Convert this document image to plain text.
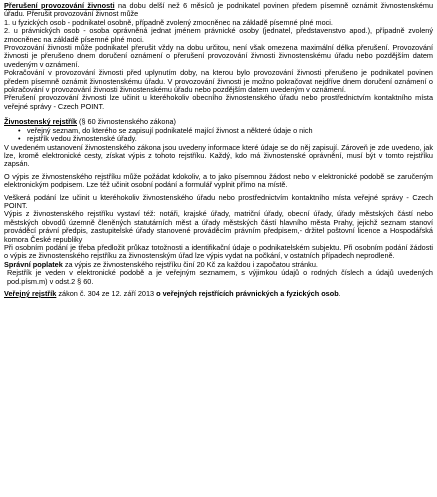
Přerušení provozování živnosti na dobu delší než 6 měsíců je podnikatel povinen předem písemně oznámit živnostenskému úřadu. Přerušit provozování živnost může

1. u fyzických osob - podnikatel osobně, případně zvolený zmocněnec na základě písemné plné moci.

2. u právnických osob - osoba oprávněná jednat jménem právnické osoby (jednatel, představenstvo apod.), případně zvolený zmocněnec na základě písemné plné moci.

Provozování živnosti může podnikatel přerušit vždy na dobu určitou, není však omezena maximální délka přerušení. Provozování živnosti je přerušeno dnem doručení oznámení o přerušení provozování živnosti živnostenskému úřadu nebo pozdějším datem uvedeným v oznámení.

Pokračování v provozování živnosti před uplynutím doby, na kterou bylo provozování živnosti přerušeno je podnikatel povinen předem písemně oznámit živnostenskému úřadu. V provozování živnosti je možno pokračovat nejdříve dnem doručení oznámení o pokračování v provozování živnosti živnostenskému úřadu nebo pozdějším datem uvedeným v oznámení.

Přerušení provozování živnosti lze učinit u kteréhokoliv obecního živnostenského úřadu nebo prostřednictvím kontaktního místa veřejné správy - Czech POINT.

Živnostenský rejstřík (§ 60 živnostenského zákona)

• veřejný seznam, do kterého se zapisují podnikatelé mající živnost a některé údaje o nich
• rejstřík vedou živnostenské úřady.

V uvedeném ustanovení živnostenského zákona jsou uvedeny informace které údaje se do něj zapisují. Zároveň je zde uvedeno, jak lze, kromě elektronické cesty, získat výpis z tohoto rejstříku. Každý, kdo má živnostenské oprávnění, musí být v tomto rejstříku zapsán.

O výpis ze živnostenského rejstříku může požádat kdokoliv, a to jako písemnou žádost nebo v elektronické podobě se zaručeným elektronickým podpisem. Lze též učinit osobní podání a formulář vyplnit přímo na místě.

Veškerá podání lze učinit u kteréhokoliv živnostenského úřadu nebo prostřednictvím kontaktního místa veřejné správy - Czech POINT.

Výpis z živnostenského rejstříku vystaví též: notáři, krajské úřady, matriční úřady, obecní úřady, úřady městských částí nebo městských obvodů územně členěných statutárních měst a úřady městských částí hlavního města Prahy, jejichž seznam stanoví prováděcí právní předpis, zastupitelské úřady stanovené prováděcím právním předpisem,- držitel poštovní licence a Hospodářská komora České republiky

Při osobním podání je třeba předložit průkaz totožnosti a identifikační údaje o podnikatelském subjektu. Při osobním podání žádosti o výpis ze živnostenského rejstříku za živnostenským úřad lze výpis vydat na počkání, v ostatních případech neprodleně.

Správní poplatek za výpis ze živnostenského rejstříku činí 20 Kč za každou i započatou stránku.

Rejstřík je veden v elektronické podobě a je veřejným seznamem, s výjimkou údajů o rodných číslech a údajů uvedených pod.písm.m) v odst.2 § 60.

Veřejný rejstřík zákon č. 304 ze 12. září 2013 o veřejných rejstřících právnických a fyzických osob.
